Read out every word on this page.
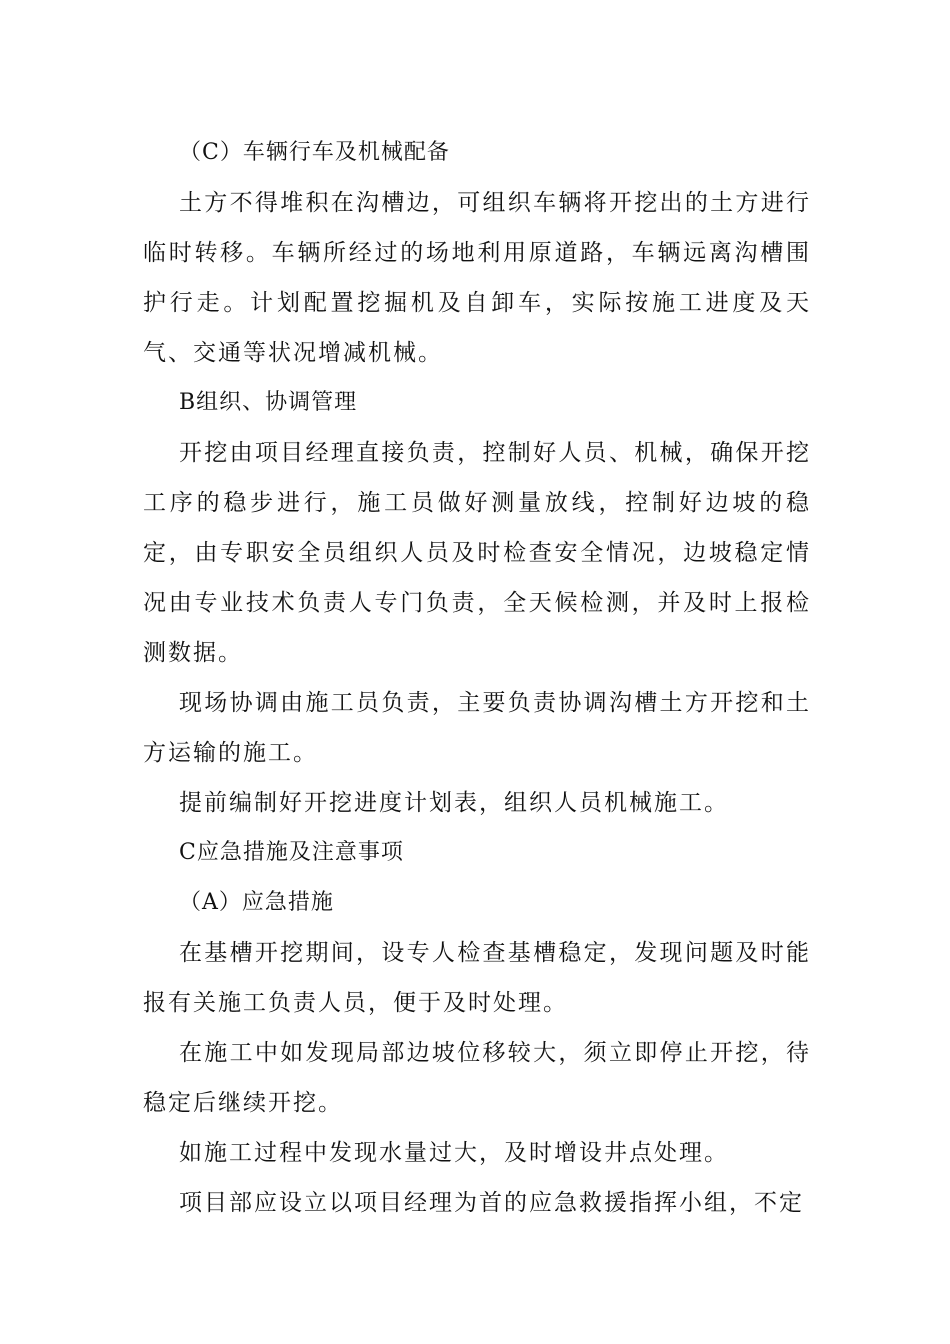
（C）车辆行车及机械配备

土方不得堆积在沟槽边，可组织车辆将开挖出的土方进行临时转移。车辆所经过的场地利用原道路，车辆远离沟槽围护行走。计划配置挖掘机及自卸车，实际按施工进度及天气、交通等状况增减机械。

B组织、协调管理

开挖由项目经理直接负责，控制好人员、机械，确保开挖工序的稳步进行，施工员做好测量放线，控制好边坡的稳定，由专职安全员组织人员及时检查安全情况，边坡稳定情况由专业技术负责人专门负责，全天候检测，并及时上报检测数据。

现场协调由施工员负责，主要负责协调沟槽土方开挖和土方运输的施工。

提前编制好开挖进度计划表，组织人员机械施工。

C应急措施及注意事项

（A）应急措施

在基槽开挖期间，设专人检查基槽稳定，发现问题及时能报有关施工负责人员，便于及时处理。

在施工中如发现局部边坡位移较大，须立即停止开挖，待稳定后继续开挖。

如施工过程中发现水量过大，及时增设井点处理。

项目部应设立以项目经理为首的应急救援指挥小组，不定
